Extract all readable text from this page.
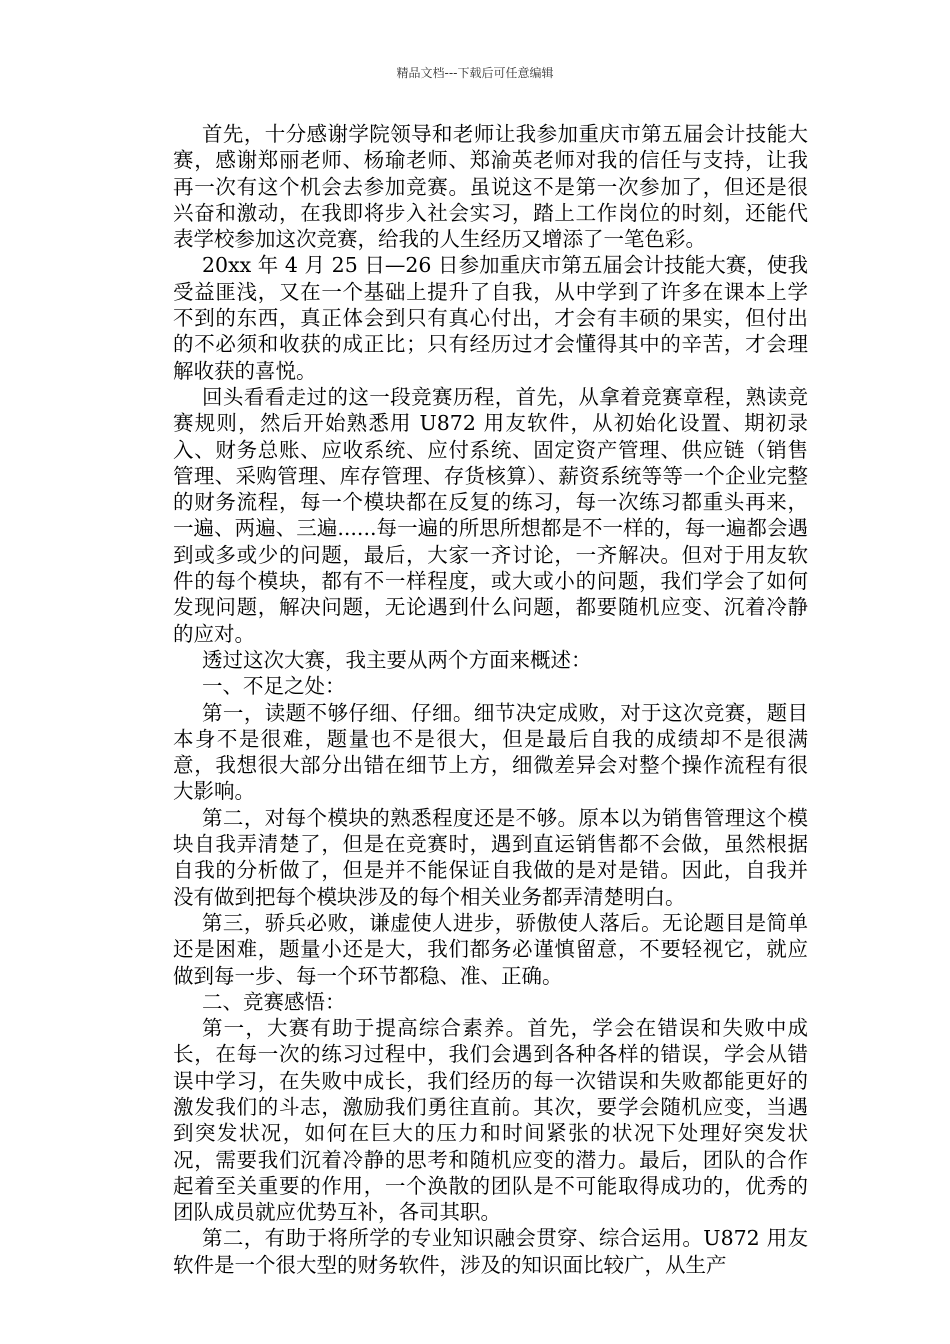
精品文档---下载后可任意编辑

首先，十分感谢学院领导和老师让我参加重庆市第五届会计技能大赛，感谢郑丽老师、杨瑜老师、郑渝英老师对我的信任与支持，让我再一次有这个机会去参加竞赛。虽说这不是第一次参加了，但还是很兴奋和激动，在我即将步入社会实习，踏上工作岗位的时刻，还能代表学校参加这次竞赛，给我的人生经历又增添了一笔色彩。

20xx 年 4 月 25 日—26 日参加重庆市第五届会计技能大赛，使我受益匪浅，又在一个基础上提升了自我，从中学到了许多在课本上学不到的东西，真正体会到只有真心付出，才会有丰硕的果实，但付出的不必须和收获的成正比；只有经历过才会懂得其中的辛苦，才会理解收获的喜悦。

回头看看走过的这一段竞赛历程，首先，从拿着竞赛章程，熟读竞赛规则，然后开始熟悉用 U872 用友软件，从初始化设置、期初录入、财务总账、应收系统、应付系统、固定资产管理、供应链（销售管理、采购管理、库存管理、存货核算）、薪资系统等等一个企业完整的财务流程，每一个模块都在反复的练习，每一次练习都重头再来，一遍、两遍、三遍......每一遍的所思所想都是不一样的，每一遍都会遇到或多或少的问题，最后，大家一齐讨论，一齐解决。但对于用友软件的每个模块，都有不一样程度，或大或小的问题，我们学会了如何发现问题，解决问题，无论遇到什么问题，都要随机应变、沉着冷静的应对。

透过这次大赛，我主要从两个方面来概述：

一、不足之处：

第一，读题不够仔细、仔细。细节决定成败，对于这次竞赛，题目本身不是很难，题量也不是很大，但是最后自我的成绩却不是很满意，我想很大部分出错在细节上方，细微差异会对整个操作流程有很大影响。

第二，对每个模块的熟悉程度还是不够。原本以为销售管理这个模块自我弄清楚了，但是在竞赛时，遇到直运销售都不会做，虽然根据自我的分析做了，但是并不能保证自我做的是对是错。因此，自我并没有做到把每个模块涉及的每个相关业务都弄清楚明白。

第三，骄兵必败，谦虚使人进步，骄傲使人落后。无论题目是简单还是困难，题量小还是大，我们都务必谨慎留意，不要轻视它，就应做到每一步、每一个环节都稳、准、正确。

二、竞赛感悟：

第一，大赛有助于提高综合素养。首先，学会在错误和失败中成长，在每一次的练习过程中，我们会遇到各种各样的错误，学会从错误中学习，在失败中成长，我们经历的每一次错误和失败都能更好的激发我们的斗志，激励我们勇往直前。其次，要学会随机应变，当遇到突发状况，如何在巨大的压力和时间紧张的状况下处理好突发状况，需要我们沉着冷静的思考和随机应变的潜力。最后，团队的合作起着至关重要的作用，一个涣散的团队是不可能取得成功的，优秀的团队成员就应优势互补，各司其职。

第二，有助于将所学的专业知识融会贯穿、综合运用。U872 用友软件是一个很大型的财务软件，涉及的知识面比较广，从生产
